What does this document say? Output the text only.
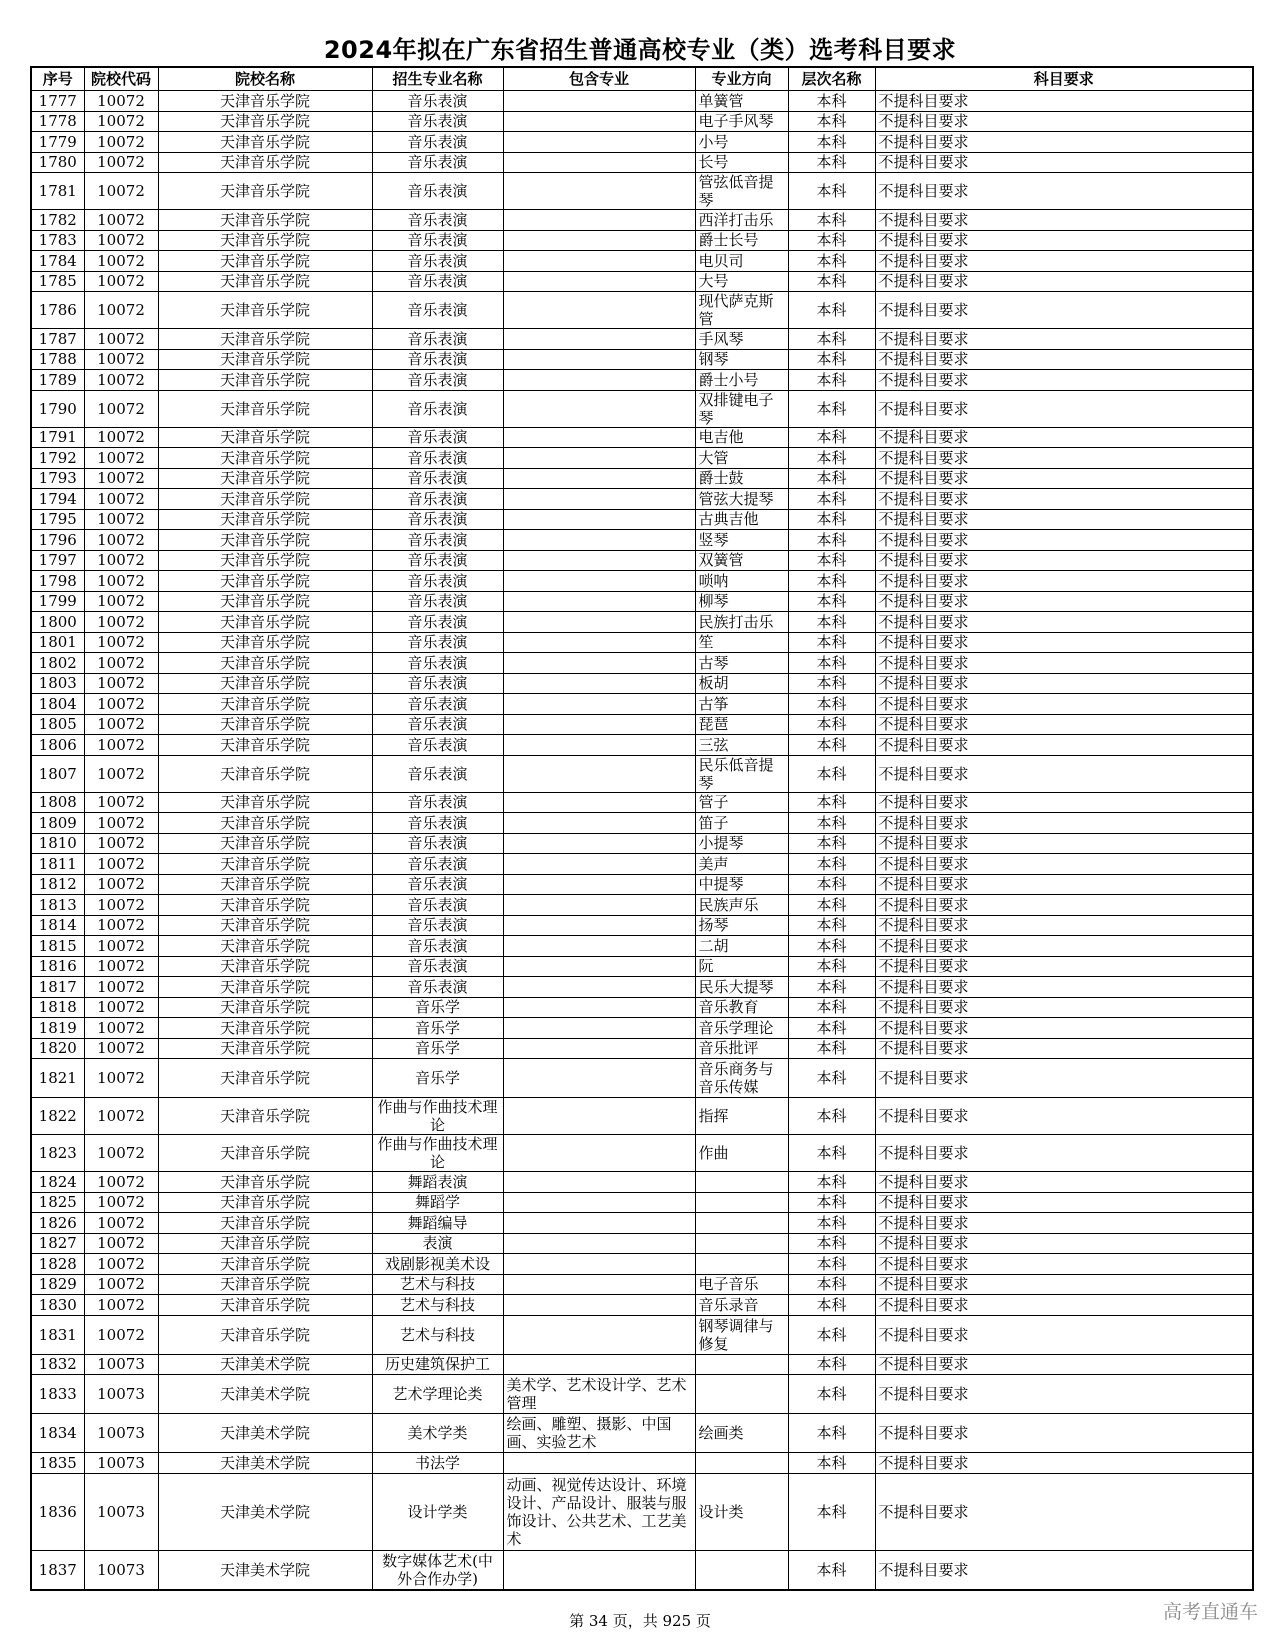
2024年拟在广东省招生普通高校专业（类）选考科目要求
序号	院校代码	院校名称	招生专业名称	包含专业	专业方向	层次名称	科目要求
1777	10072	天津音乐学院	音乐表演		单簧管	本科	不提科目要求
1778	10072	天津音乐学院	音乐表演		电子手风琴	本科	不提科目要求
1779	10072	天津音乐学院	音乐表演		小号	本科	不提科目要求
1780	10072	天津音乐学院	音乐表演		长号	本科	不提科目要求
1781	10072	天津音乐学院	音乐表演		管弦低音提琴	本科	不提科目要求
1782	10072	天津音乐学院	音乐表演		西洋打击乐	本科	不提科目要求
1783	10072	天津音乐学院	音乐表演		爵士长号	本科	不提科目要求
1784	10072	天津音乐学院	音乐表演		电贝司	本科	不提科目要求
1785	10072	天津音乐学院	音乐表演		大号	本科	不提科目要求
1786	10072	天津音乐学院	音乐表演		现代萨克斯管	本科	不提科目要求
1787	10072	天津音乐学院	音乐表演		手风琴	本科	不提科目要求
1788	10072	天津音乐学院	音乐表演		钢琴	本科	不提科目要求
1789	10072	天津音乐学院	音乐表演		爵士小号	本科	不提科目要求
1790	10072	天津音乐学院	音乐表演		双排键电子琴	本科	不提科目要求
1791	10072	天津音乐学院	音乐表演		电吉他	本科	不提科目要求
1792	10072	天津音乐学院	音乐表演		大管	本科	不提科目要求
1793	10072	天津音乐学院	音乐表演		爵士鼓	本科	不提科目要求
1794	10072	天津音乐学院	音乐表演		管弦大提琴	本科	不提科目要求
1795	10072	天津音乐学院	音乐表演		古典吉他	本科	不提科目要求
1796	10072	天津音乐学院	音乐表演		竖琴	本科	不提科目要求
1797	10072	天津音乐学院	音乐表演		双簧管	本科	不提科目要求
1798	10072	天津音乐学院	音乐表演		唢呐	本科	不提科目要求
1799	10072	天津音乐学院	音乐表演		柳琴	本科	不提科目要求
1800	10072	天津音乐学院	音乐表演		民族打击乐	本科	不提科目要求
1801	10072	天津音乐学院	音乐表演		笙	本科	不提科目要求
1802	10072	天津音乐学院	音乐表演		古琴	本科	不提科目要求
1803	10072	天津音乐学院	音乐表演		板胡	本科	不提科目要求
1804	10072	天津音乐学院	音乐表演		古筝	本科	不提科目要求
1805	10072	天津音乐学院	音乐表演		琵琶	本科	不提科目要求
1806	10072	天津音乐学院	音乐表演		三弦	本科	不提科目要求
1807	10072	天津音乐学院	音乐表演		民乐低音提琴	本科	不提科目要求
1808	10072	天津音乐学院	音乐表演		管子	本科	不提科目要求
1809	10072	天津音乐学院	音乐表演		笛子	本科	不提科目要求
1810	10072	天津音乐学院	音乐表演		小提琴	本科	不提科目要求
1811	10072	天津音乐学院	音乐表演		美声	本科	不提科目要求
1812	10072	天津音乐学院	音乐表演		中提琴	本科	不提科目要求
1813	10072	天津音乐学院	音乐表演		民族声乐	本科	不提科目要求
1814	10072	天津音乐学院	音乐表演		扬琴	本科	不提科目要求
1815	10072	天津音乐学院	音乐表演		二胡	本科	不提科目要求
1816	10072	天津音乐学院	音乐表演		阮	本科	不提科目要求
1817	10072	天津音乐学院	音乐表演		民乐大提琴	本科	不提科目要求
1818	10072	天津音乐学院	音乐学		音乐教育	本科	不提科目要求
1819	10072	天津音乐学院	音乐学		音乐学理论	本科	不提科目要求
1820	10072	天津音乐学院	音乐学		音乐批评	本科	不提科目要求
1821	10072	天津音乐学院	音乐学		音乐商务与音乐传媒	本科	不提科目要求
1822	10072	天津音乐学院	作曲与作曲技术理论		指挥	本科	不提科目要求
1823	10072	天津音乐学院	作曲与作曲技术理论		作曲	本科	不提科目要求
1824	10072	天津音乐学院	舞蹈表演			本科	不提科目要求
1825	10072	天津音乐学院	舞蹈学			本科	不提科目要求
1826	10072	天津音乐学院	舞蹈编导			本科	不提科目要求
1827	10072	天津音乐学院	表演			本科	不提科目要求
1828	10072	天津音乐学院	戏剧影视美术设			本科	不提科目要求
1829	10072	天津音乐学院	艺术与科技		电子音乐	本科	不提科目要求
1830	10072	天津音乐学院	艺术与科技		音乐录音	本科	不提科目要求
1831	10072	天津音乐学院	艺术与科技		钢琴调律与修复	本科	不提科目要求
1832	10073	天津美术学院	历史建筑保护工			本科	不提科目要求
1833	10073	天津美术学院	艺术学理论类	美术学、艺术设计学、艺术管理		本科	不提科目要求
1834	10073	天津美术学院	美术学类	绘画、雕塑、摄影、中国画、实验艺术	绘画类	本科	不提科目要求
1835	10073	天津美术学院	书法学			本科	不提科目要求
1836	10073	天津美术学院	设计学类	动画、视觉传达设计、环境设计、产品设计、服装与服饰设计、公共艺术、工艺美术	设计类	本科	不提科目要求
1837	10073	天津美术学院	数字媒体艺术(中外合作办学)			本科	不提科目要求
第 34 页，共 925 页	高考直通车
